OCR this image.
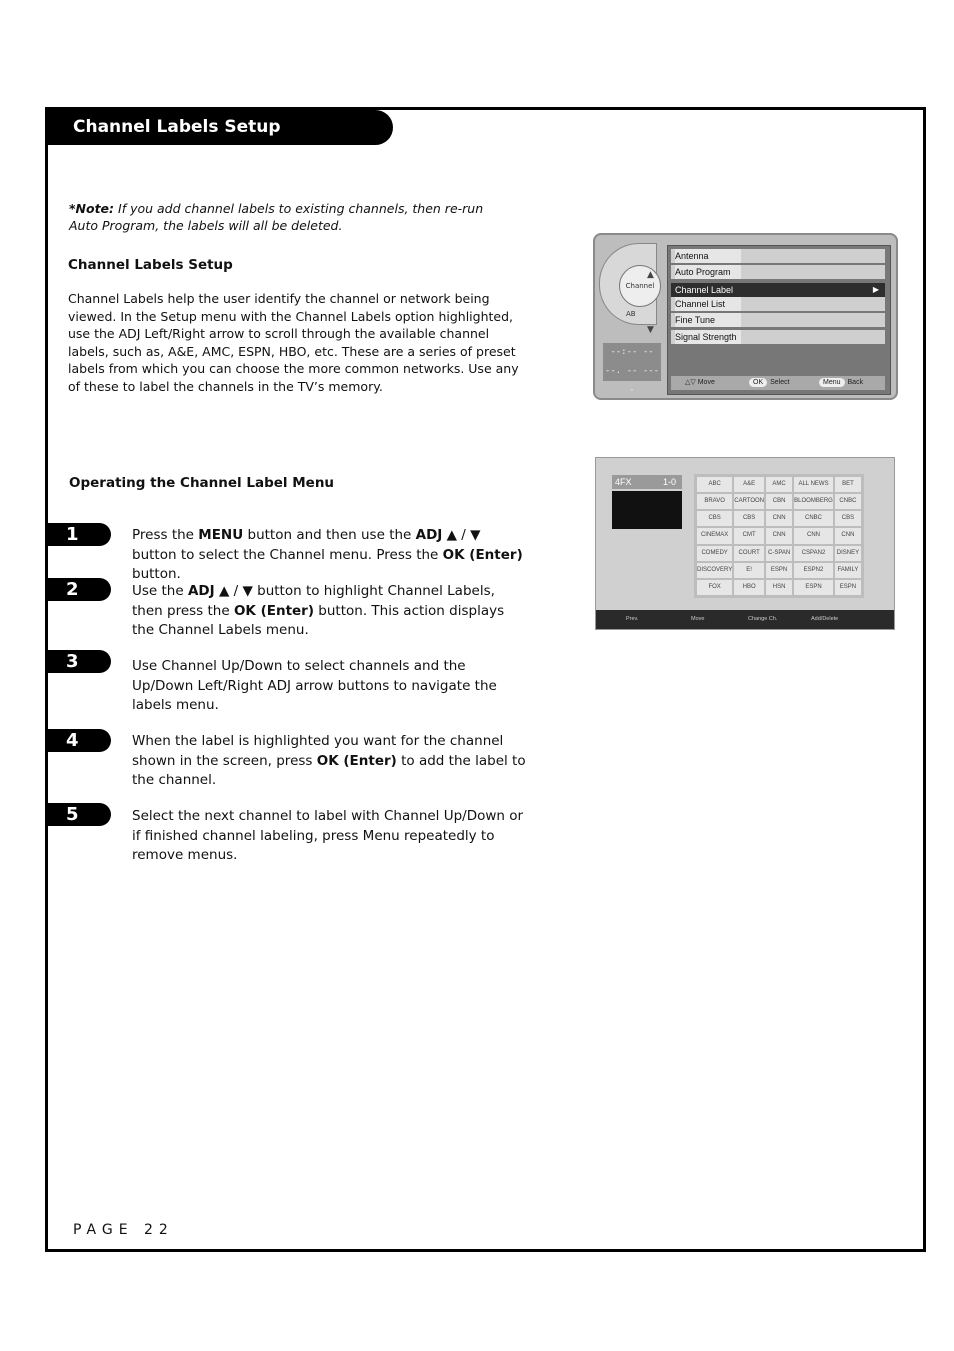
Channel Labels Setup
*Note: If you add channel labels to existing channels, then re-run Auto Program, the labels will all be deleted.
Channel Labels Setup
Channel Labels help the user identify the channel or network being viewed. In the Setup menu with the Channel Labels option highlighted, use the ADJ Left/Right arrow to scroll through the available channel labels, such as, A&E, AMC, ESPN, HBO, etc. These are a series of preset labels from which you can choose the more common networks. Use any of these to label the channels in the TV’s memory.
Operating the Channel Label Menu
1	Press the MENU button and then use the ADJ ▲ / ▼ button to select the Channel menu. Press the OK (Enter) button.
2	Use the ADJ ▲ / ▼ button to highlight Channel Labels, then press the OK (Enter) button. This action displays the Channel Labels menu.
3	Use Channel Up/Down to select channels and the Up/Down Left/Right ADJ arrow buttons to navigate the labels menu.
4	When the label is highlighted you want for the channel shown in the screen, press OK (Enter) to add the label to the channel.
5	Select the next channel to label with Channel Up/Down or if finished channel labeling, press Menu repeatedly to remove menus.
PAGE 22
Channel
AB
▲
▼
--:-- --
--. -- ----
Antenna
Auto Program
Channel Label	▶
Channel List
Fine Tune
Signal Strength
△▽ Move	OK Select	Menu Back
4FX	1-0	ABC	A&E	AMC	ALL NEWS	BET
BRAVO	CARTOON	CBN	BLOOMBERG	CNBC
CBS	CBS	CNN	CNBC	CBS
CINEMAX	CMT	CNN	CNN	CNN
COMEDY	COURT	C-SPAN	CSPAN2	DISNEY
DISCOVERY	E!	ESPN	ESPN2	FAMILY
FOX	HBO	HSN	ESPN	ESPN
Prev.	Move	Change Ch.	Add/Delete
